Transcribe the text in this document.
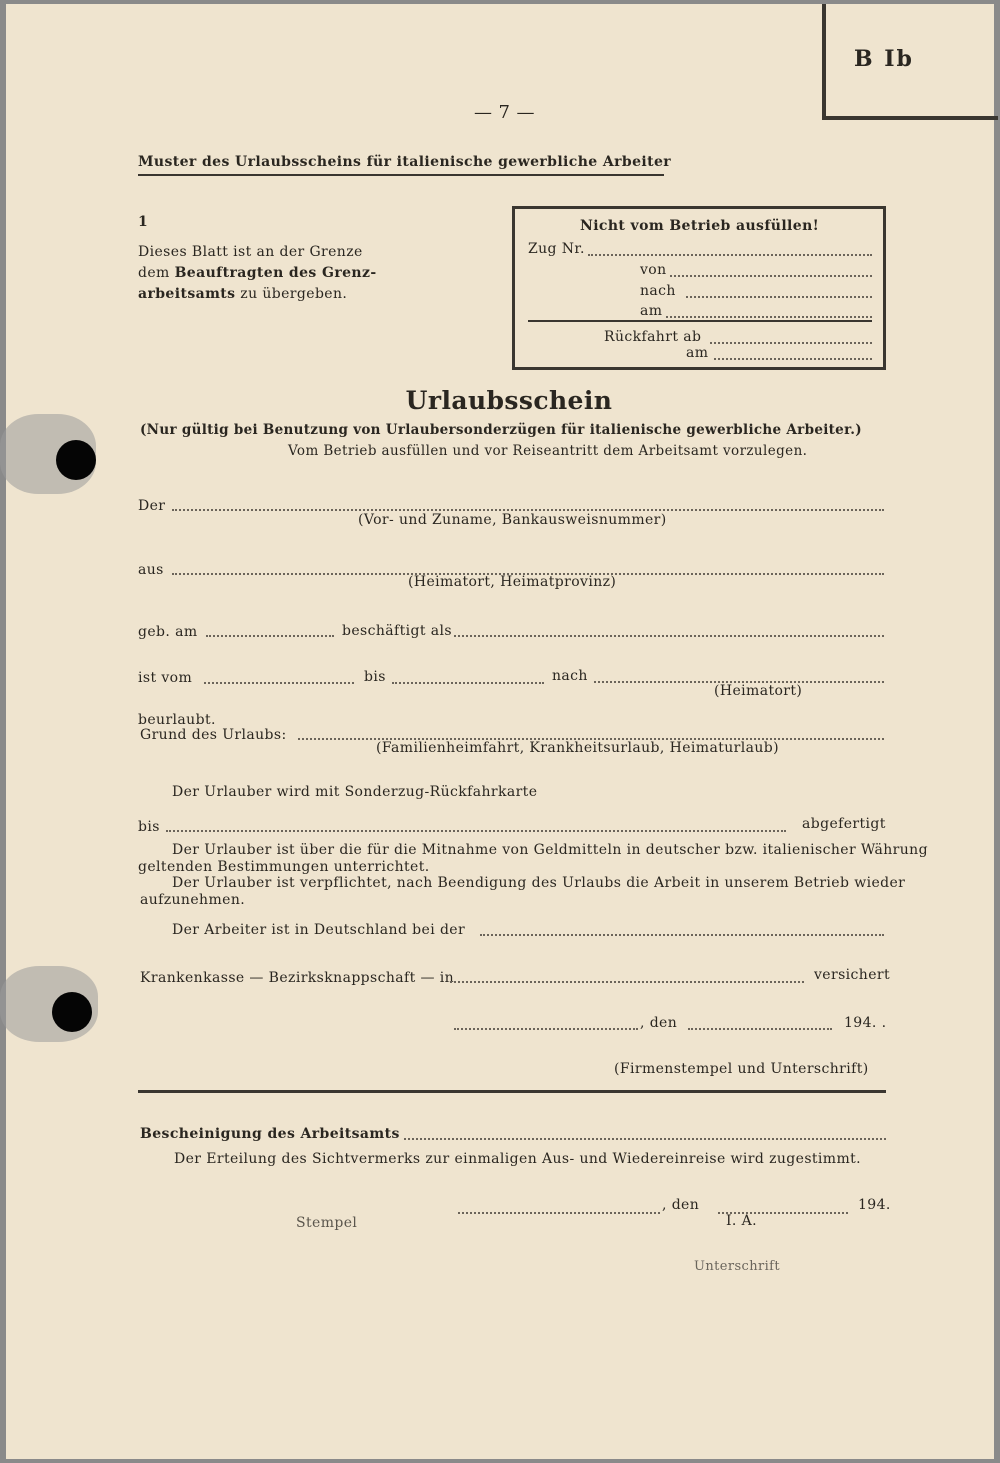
B Ib
— 7 —
Muster des Urlaubsscheins für italienische gewerbliche Arbeiter
1
Dieses Blatt ist an der Grenze
dem Beauftragten des Grenz-
arbeitsamts zu übergeben.
Nicht vom Betrieb ausfüllen!
Zug Nr.
von
nach
am
Rückfahrt ab
am
Urlaubsschein
(Nur gültig bei Benutzung von Urlaubersonderzügen für italienische gewerbliche Arbeiter.)
Vom Betrieb ausfüllen und vor Reiseantritt dem Arbeitsamt vorzulegen.
Der
(Vor- und Zuname, Bankausweisnummer)
aus
(Heimatort, Heimatprovinz)
geb. am	beschäftigt als
ist vom	bis	nach
(Heimatort)
beurlaubt.
Grund des Urlaubs:
(Familienheimfahrt, Krankheitsurlaub, Heimaturlaub)
Der Urlauber wird mit Sonderzug-Rückfahrkarte
bis	abgefertigt
Der Urlauber ist über die für die Mitnahme von Geldmitteln in deutscher bzw. italienischer Währung
geltenden Bestimmungen unterrichtet.
Der Urlauber ist verpflichtet, nach Beendigung des Urlaubs die Arbeit in unserem Betrieb wieder
aufzunehmen.
Der Arbeiter ist in Deutschland bei der
Krankenkasse — Bezirksknappschaft — in	versichert
, den	194. .
(Firmenstempel und Unterschrift)
Bescheinigung des Arbeitsamts
Der Erteilung des Sichtvermerks zur einmaligen Aus- und Wiedereinreise wird zugestimmt.
, den	194.
Stempel	I. A.
Unterschrift
